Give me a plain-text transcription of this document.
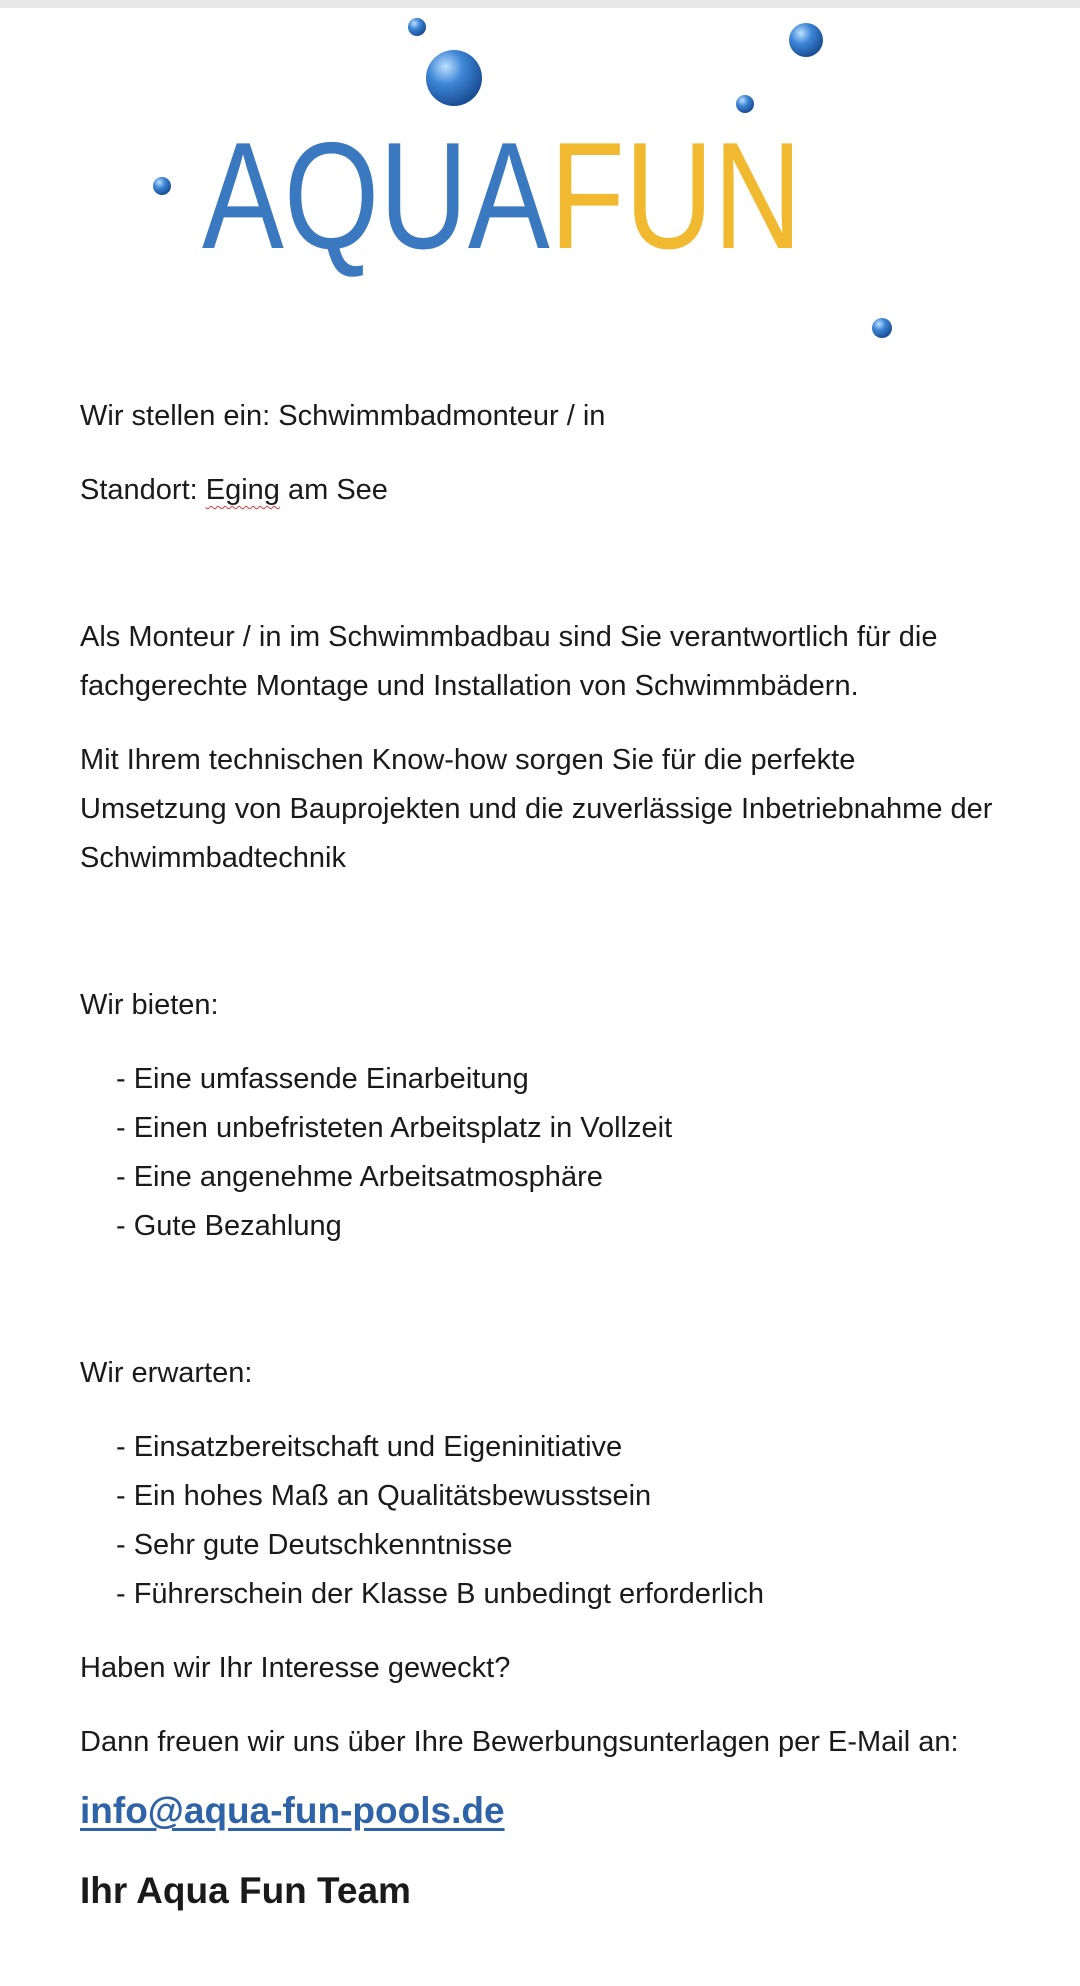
AQUAFUN

Wir stellen ein: Schwimmbadmonteur / in

Standort: Eging am See

Als Monteur / in im Schwimmbadbau sind Sie verantwortlich für die fachgerechte Montage und Installation von Schwimmbädern.

Mit Ihrem technischen Know-how sorgen Sie für die perfekte Umsetzung von Bauprojekten und die zuverlässige Inbetriebnahme der Schwimmbadtechnik

Wir bieten:

- Eine umfassende Einarbeitung
- Einen unbefristeten Arbeitsplatz in Vollzeit
- Eine angenehme Arbeitsatmosphäre
- Gute Bezahlung

Wir erwarten:

- Einsatzbereitschaft und Eigeninitiative
- Ein hohes Maß an Qualitätsbewusstsein
- Sehr gute Deutschkenntnisse
- Führerschein der Klasse B unbedingt erforderlich

Haben wir Ihr Interesse geweckt?

Dann freuen wir uns über Ihre Bewerbungsunterlagen per E-Mail an:

info@aqua-fun-pools.de
Ihr Aqua Fun Team
